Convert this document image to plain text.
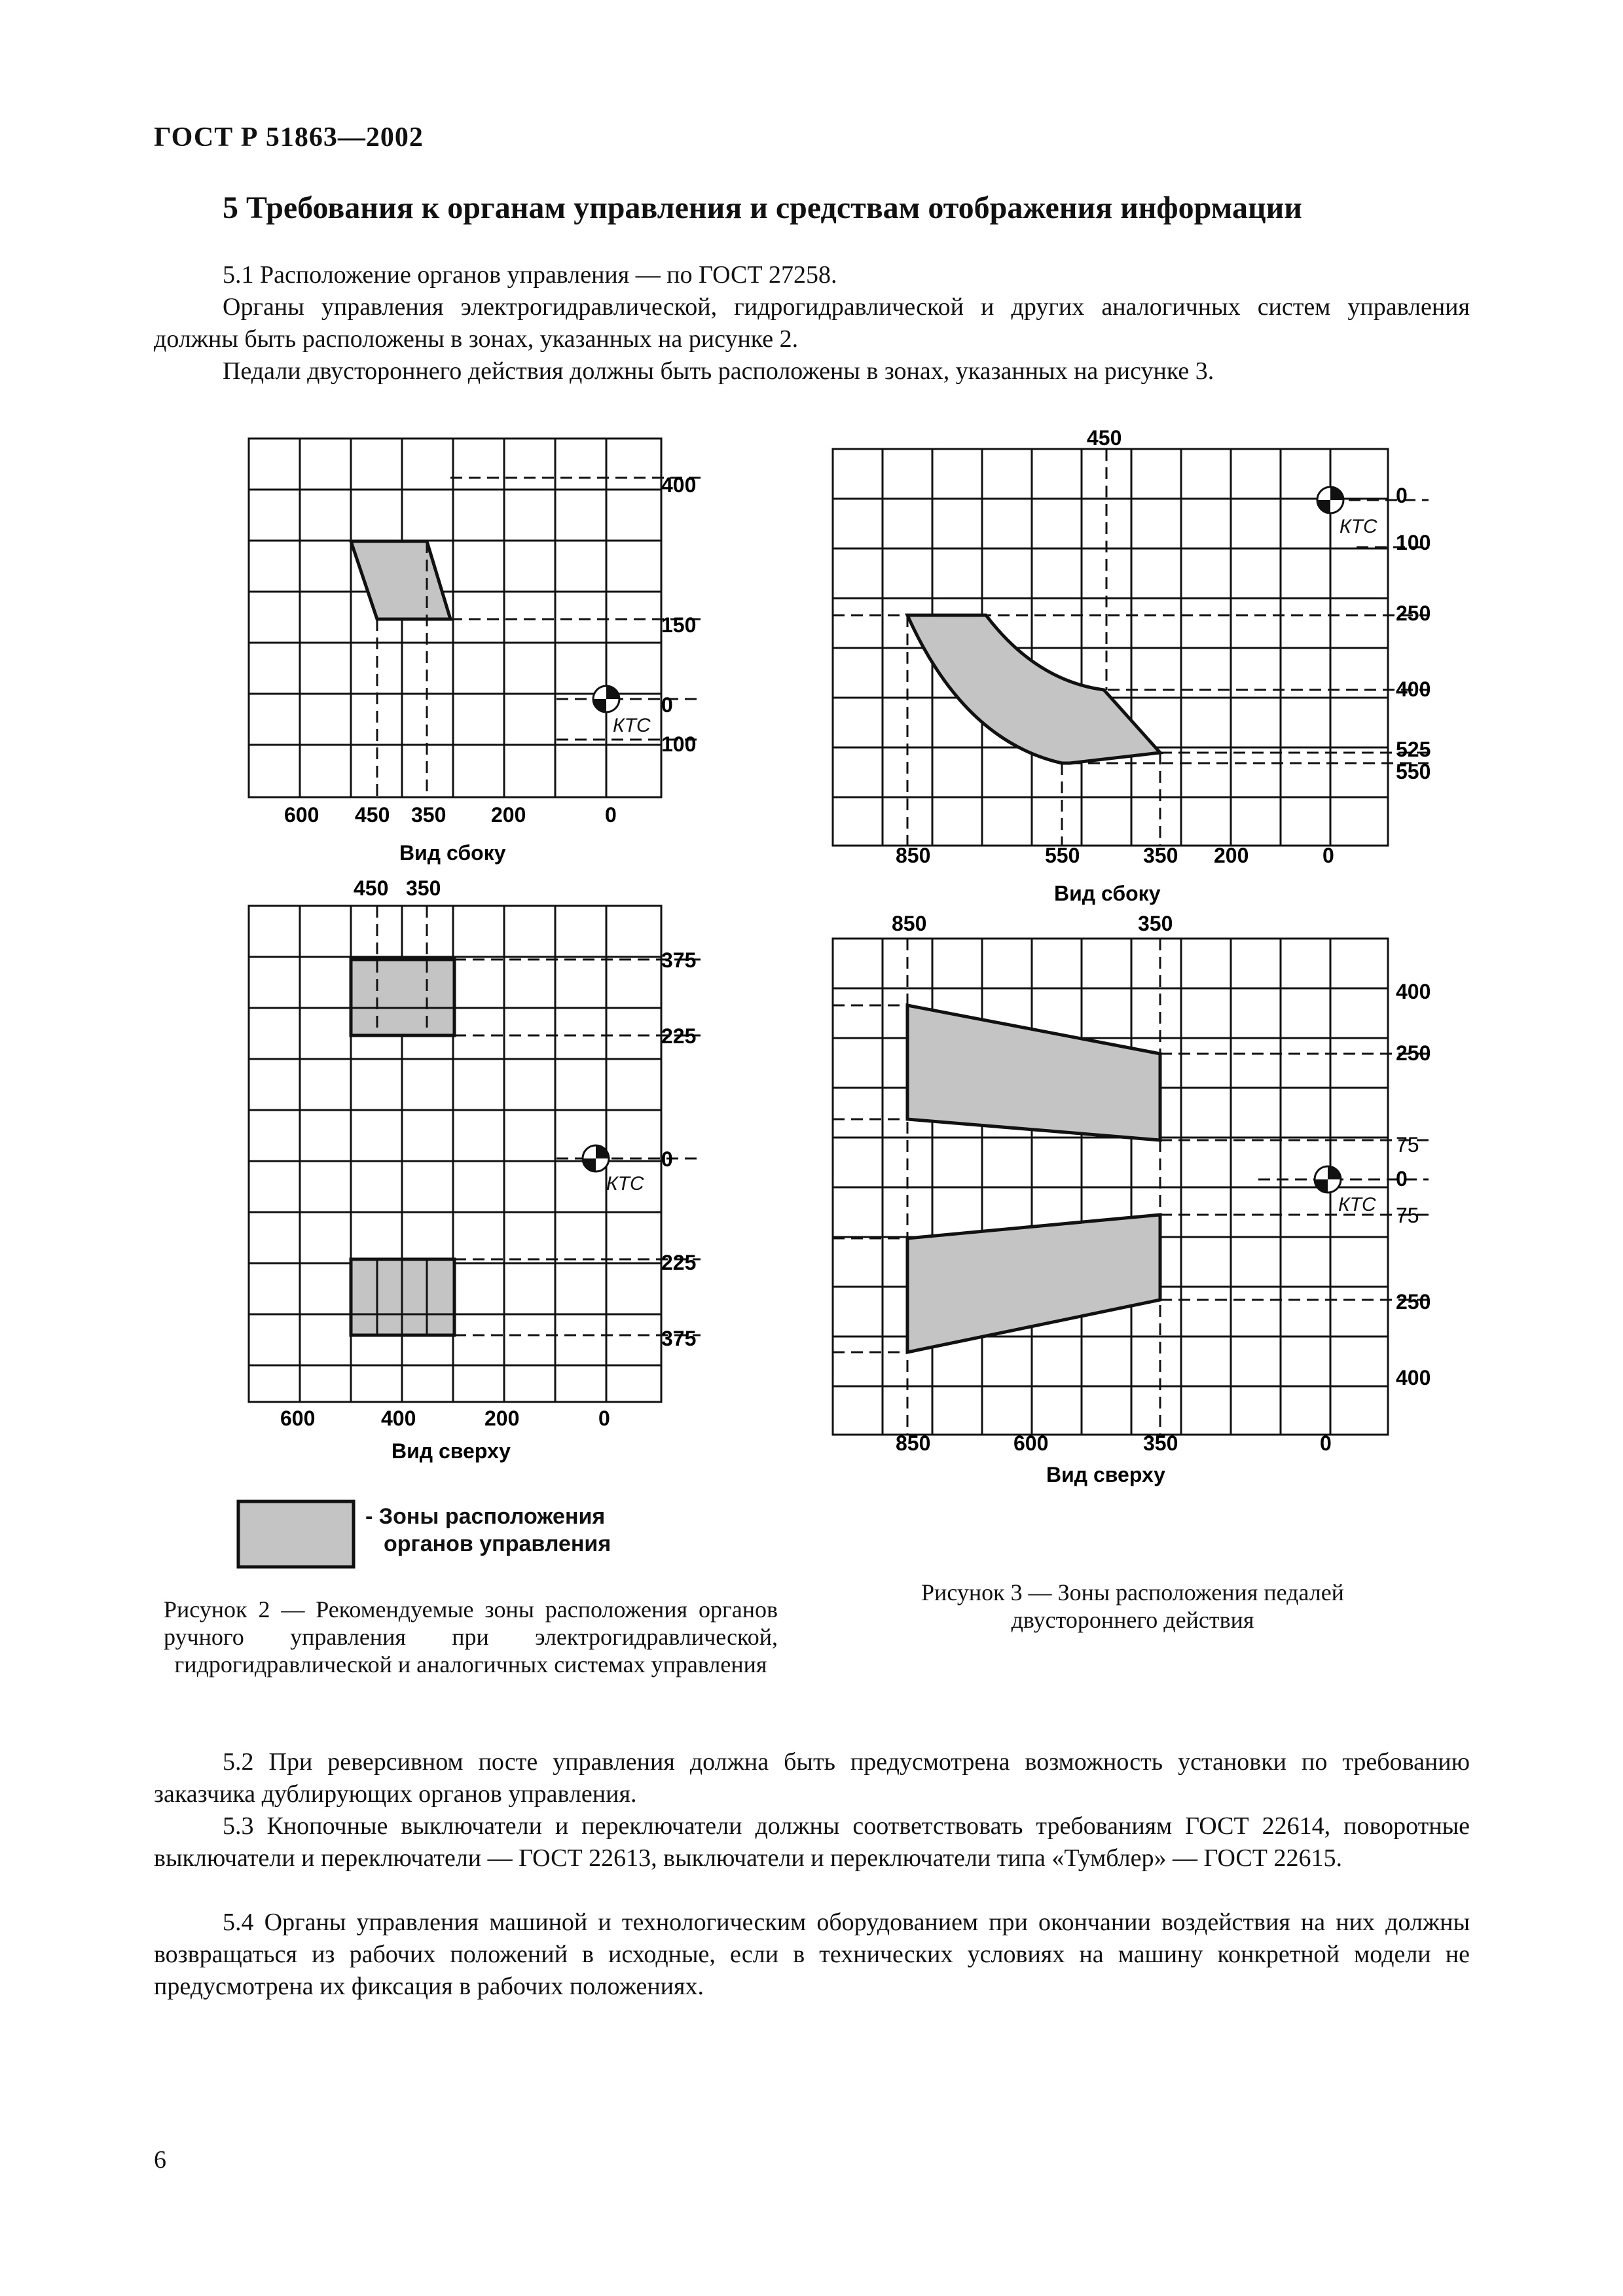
ГОСТ Р 51863—2002
5 Требования к органам управления и средствам отображения информации
5.1 Расположение органов управления — по ГОСТ 27258.
Органы управления электрогидравлической, гидрогидравлической и других аналогичных систем управления должны быть расположены в зонах, указанных на рисунке 2.
Педали двустороннего действия должны быть расположены в зонах, указанных на рисунке 3.
КТС
400
150
0
100
600 450 350 200	0
Вид сбоку
450 350
КТС
375
225
0
225
375
600	400	200	0
Вид сверху
- Зоны расположения
органов управления
Рисунок 2 — Рекомендуемые зоны расположения органов ручного управления при электрогидравлической, гидрогидравлической и аналогичных системах управления
450
КТС
0
100
250
400
525
550
850	550	350 200	0
Вид сбоку
850	350
КТС
400
250
75
0
75
250
400
850	600	350	0
Вид сверху
Рисунок 3 — Зоны расположения педалей двустороннего действия
5.2 При реверсивном посте управления должна быть предусмотрена возможность установки по требованию заказчика дублирующих органов управления.
5.3 Кнопочные выключатели и переключатели должны соответствовать требованиям ГОСТ 22614, поворотные выключатели и переключатели — ГОСТ 22613, выключатели и переключатели типа «Тумблер» — ГОСТ 22615.
5.4 Органы управления машиной и технологическим оборудованием при окончании воздействия на них должны возвращаться из рабочих положений в исходные, если в технических условиях на машину конкретной модели не предусмотрена их фиксация в рабочих положениях.
6
